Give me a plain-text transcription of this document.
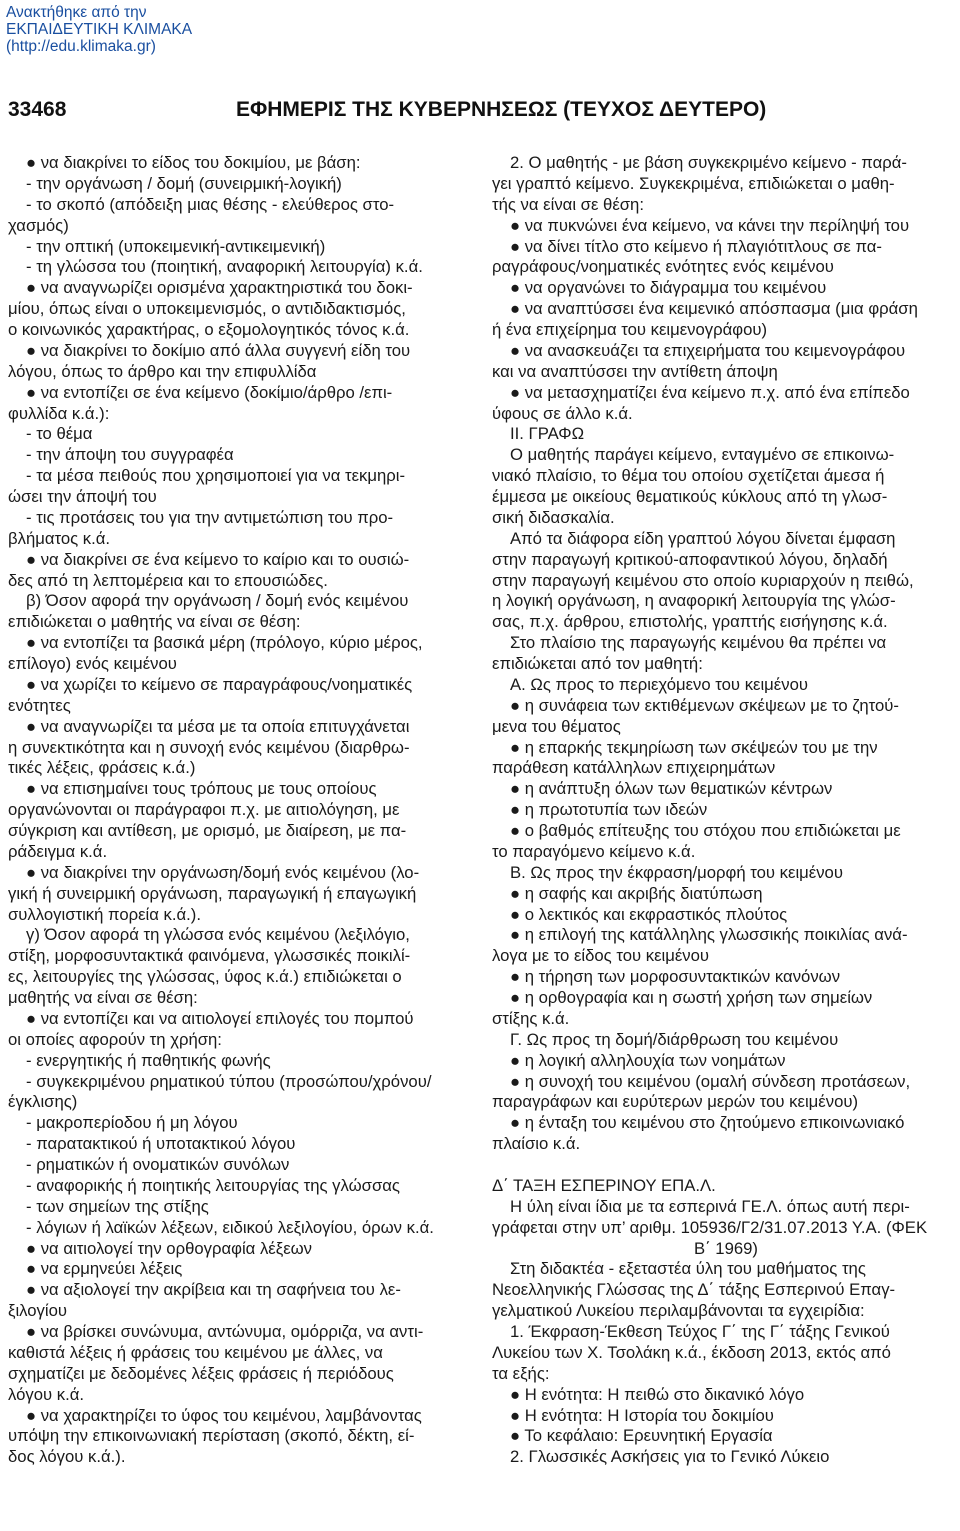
Ανακτήθηκε από την
ΕΚΠΑΙΔΕΥΤΙΚΗ ΚΛΙΜΑΚΑ
(http://edu.klimaka.gr)
33468	ΕΦΗΜΕΡΙΣ ΤΗΣ ΚΥΒΕΡΝΗΣΕΩΣ (ΤΕΥΧΟΣ ΔΕΥΤΕΡΟ)
● να διακρίνει το είδος του δοκιμίου, με βάση:
- την οργάνωση / δομή (συνειρμική-λογική)
- το σκοπό (απόδειξη μιας θέσης - ελεύθερος στο-
χασμός)
- την οπτική (υποκειμενική-αντικειμενική)
- τη γλώσσα του (ποιητική, αναφορική λειτουργία) κ.ά.
● να αναγνωρίζει ορισμένα χαρακτηριστικά του δοκι-
μίου, όπως είναι ο υποκειμενισμός, ο αντιδιδακτισμός,
ο κοινωνικός χαρακτήρας, ο εξομολογητικός τόνος κ.ά.
● να διακρίνει το δοκίμιο από άλλα συγγενή είδη του
λόγου, όπως το άρθρο και την επιφυλλίδα
● να εντοπίζει σε ένα κείμενο (δοκίμιο/άρθρο /επι-
φυλλίδα κ.ά.):
- το θέμα
- την άποψη του συγγραφέα
- τα μέσα πειθούς που χρησιμοποιεί για να τεκμηρι-
ώσει την άποψή του
- τις προτάσεις του για την αντιμετώπιση του προ-
βλήματος κ.ά.
● να διακρίνει σε ένα κείμενο το καίριο και το ουσιώ-
δες από τη λεπτομέρεια και το επουσιώδες.
β) Όσον αφορά την οργάνωση / δομή ενός κειμένου
επιδιώκεται ο μαθητής να είναι σε θέση:
● να εντοπίζει τα βασικά μέρη (πρόλογο, κύριο μέρος,
επίλογο) ενός κειμένου
● να χωρίζει το κείμενο σε παραγράφους/νοηματικές
ενότητες
● να αναγνωρίζει τα μέσα με τα οποία επιτυγχάνεται
η συνεκτικότητα και η συνοχή ενός κειμένου (διαρθρω-
τικές λέξεις, φράσεις κ.ά.)
● να επισημαίνει τους τρόπους με τους οποίους
οργανώνονται οι παράγραφοι π.χ. με αιτιολόγηση, με
σύγκριση και αντίθεση, με ορισμό, με διαίρεση, με πα-
ράδειγμα κ.ά.
● να διακρίνει την οργάνωση/δομή ενός κειμένου (λο-
γική ή συνειρμική οργάνωση, παραγωγική ή επαγωγική
συλλογιστική πορεία κ.ά.).
γ) Όσον αφορά τη γλώσσα ενός κειμένου (λεξιλόγιο,
στίξη, μορφοσυντακτικά φαινόμενα, γλωσσικές ποικιλί-
ες, λειτουργίες της γλώσσας, ύφος κ.ά.) επιδιώκεται ο
μαθητής να είναι σε θέση:
● να εντοπίζει και να αιτιολογεί επιλογές του πομπού
οι οποίες αφορούν τη χρήση:
- ενεργητικής ή παθητικής φωνής
- συγκεκριμένου ρηματικού τύπου (προσώπου/χρόνου/
έγκλισης)
- μακροπερίοδου ή μη λόγου
- παρατακτικού ή υποτακτικού λόγου
- ρηματικών ή ονοματικών συνόλων
- αναφορικής ή ποιητικής λειτουργίας της γλώσσας
- των σημείων της στίξης
- λόγιων ή λαϊκών λέξεων, ειδικού λεξιλογίου, όρων κ.ά.
● να αιτιολογεί την ορθογραφία λέξεων
● να ερμηνεύει λέξεις
● να αξιολογεί την ακρίβεια και τη σαφήνεια του λε-
ξιλογίου
● να βρίσκει συνώνυμα, αντώνυμα, ομόρριζα, να αντι-
καθιστά λέξεις ή φράσεις του κειμένου με άλλες, να
σχηματίζει με δεδομένες λέξεις φράσεις ή περιόδους
λόγου κ.ά.
● να χαρακτηρίζει το ύφος του κειμένου, λαμβάνοντας
υπόψη την επικοινωνιακή περίσταση (σκοπό, δέκτη, εί-
δος λόγου κ.ά.).
2. Ο μαθητής - με βάση συγκεκριμένο κείμενο - παρά-
γει γραπτό κείμενο. Συγκεκριμένα, επιδιώκεται ο μαθη-
τής να είναι σε θέση:
● να πυκνώνει ένα κείμενο, να κάνει την περίληψή του
● να δίνει τίτλο στο κείμενο ή πλαγιότιτλους σε πα-
ραγράφους/νοηματικές ενότητες ενός κειμένου
● να οργανώνει το διάγραμμα του κειμένου
● να αναπτύσσει ένα κειμενικό απόσπασμα (μια φράση
ή ένα επιχείρημα του κειμενογράφου)
● να ανασκευάζει τα επιχειρήματα του κειμενογράφου
και να αναπτύσσει την αντίθετη άποψη
● να μετασχηματίζει ένα κείμενο π.χ. από ένα επίπεδο
ύφους σε άλλο κ.ά.
ΙΙ. ΓΡΑΦΩ
Ο μαθητής παράγει κείμενο, ενταγμένο σε επικοινω-
νιακό πλαίσιο, το θέμα του οποίου σχετίζεται άμεσα ή
έμμεσα με οικείους θεματικούς κύκλους από τη γλωσ-
σική διδασκαλία.
Από τα διάφορα είδη γραπτού λόγου δίνεται έμφαση
στην παραγωγή κριτικού-αποφαντικού λόγου, δηλαδή
στην παραγωγή κειμένου στο οποίο κυριαρχούν η πειθώ,
η λογική οργάνωση, η αναφορική λειτουργία της γλώσ-
σας, π.χ. άρθρου, επιστολής, γραπτής εισήγησης κ.ά.
Στο πλαίσιο της παραγωγής κειμένου θα πρέπει να
επιδιώκεται από τον μαθητή:
Α. Ως προς το περιεχόμενο του κειμένου
● η συνάφεια των εκτιθέμενων σκέψεων με το ζητού-
μενα του θέματος
● η επαρκής τεκμηρίωση των σκέψεών του με την
παράθεση κατάλληλων επιχειρημάτων
● η ανάπτυξη όλων των θεματικών κέντρων
● η πρωτοτυπία των ιδεών
● ο βαθμός επίτευξης του στόχου που επιδιώκεται με
το παραγόμενο κείμενο κ.ά.
Β. Ως προς την έκφραση/μορφή του κειμένου
● η σαφής και ακριβής διατύπωση
● ο λεκτικός και εκφραστικός πλούτος
● η επιλογή της κατάλληλης γλωσσικής ποικιλίας ανά-
λογα με το είδος του κειμένου
● η τήρηση των μορφοσυντακτικών κανόνων
● η ορθογραφία και η σωστή χρήση των σημείων
στίξης κ.ά.
Γ. Ως προς τη δομή/διάρθρωση του κειμένου
● η λογική αλληλουχία των νοημάτων
● η συνοχή του κειμένου (ομαλή σύνδεση προτάσεων,
παραγράφων και ευρύτερων μερών του κειμένου)
● η ένταξη του κειμένου στο ζητούμενο επικοινωνιακό
πλαίσιο κ.ά.
Δ΄ ΤΑΞΗ ΕΣΠΕΡΙΝΟΥ ΕΠΑ.Λ.
Η ύλη είναι ίδια με τα εσπερινά ΓΕ.Λ. όπως αυτή περι-
γράφεται στην υπ’ αριθμ. 105936/Γ2/31.07.2013 Υ.Α. (ΦΕΚ
Β΄ 1969)
Στη διδακτέα - εξεταστέα ύλη του μαθήματος της
Νεοελληνικής Γλώσσας της Δ΄ τάξης Εσπερινού Επαγ-
γελματικού Λυκείου περιλαμβάνονται τα εγχειρίδια:
1. Έκφραση-Έκθεση Τεύχος Γ΄ της Γ΄ τάξης Γενικού
Λυκείου των Χ. Τσολάκη κ.ά., έκδοση 2013, εκτός από
τα εξής:
● Η ενότητα: Η πειθώ στο δικανικό λόγο
● Η ενότητα: Η Ιστορία του δοκιμίου
● Το κεφάλαιο: Ερευνητική Εργασία
2. Γλωσσικές Ασκήσεις για το Γενικό Λύκειο
